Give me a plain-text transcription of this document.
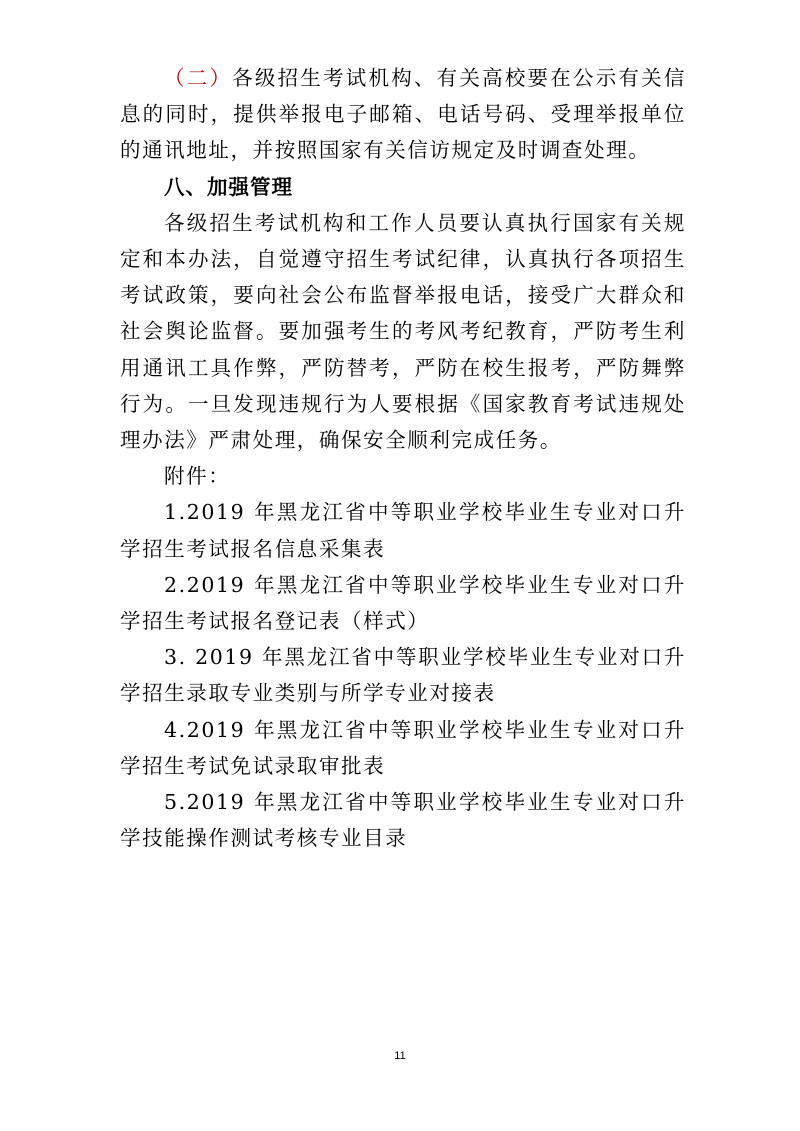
（二）各级招生考试机构、有关高校要在公示有关信息的同时，提供举报电子邮箱、电话号码、受理举报单位的通讯地址，并按照国家有关信访规定及时调查处理。

八、加强管理

各级招生考试机构和工作人员要认真执行国家有关规定和本办法，自觉遵守招生考试纪律，认真执行各项招生考试政策，要向社会公布监督举报电话，接受广大群众和社会舆论监督。要加强考生的考风考纪教育，严防考生利用通讯工具作弊，严防替考，严防在校生报考，严防舞弊行为。一旦发现违规行为人要根据《国家教育考试违规处理办法》严肃处理，确保安全顺利完成任务。

附件：

1.2019 年黑龙江省中等职业学校毕业生专业对口升学招生考试报名信息采集表

2.2019 年黑龙江省中等职业学校毕业生专业对口升学招生考试报名登记表（样式）

3. 2019 年黑龙江省中等职业学校毕业生专业对口升学招生录取专业类别与所学专业对接表

4.2019 年黑龙江省中等职业学校毕业生专业对口升学招生考试免试录取审批表

5.2019 年黑龙江省中等职业学校毕业生专业对口升学技能操作测试考核专业目录

11
